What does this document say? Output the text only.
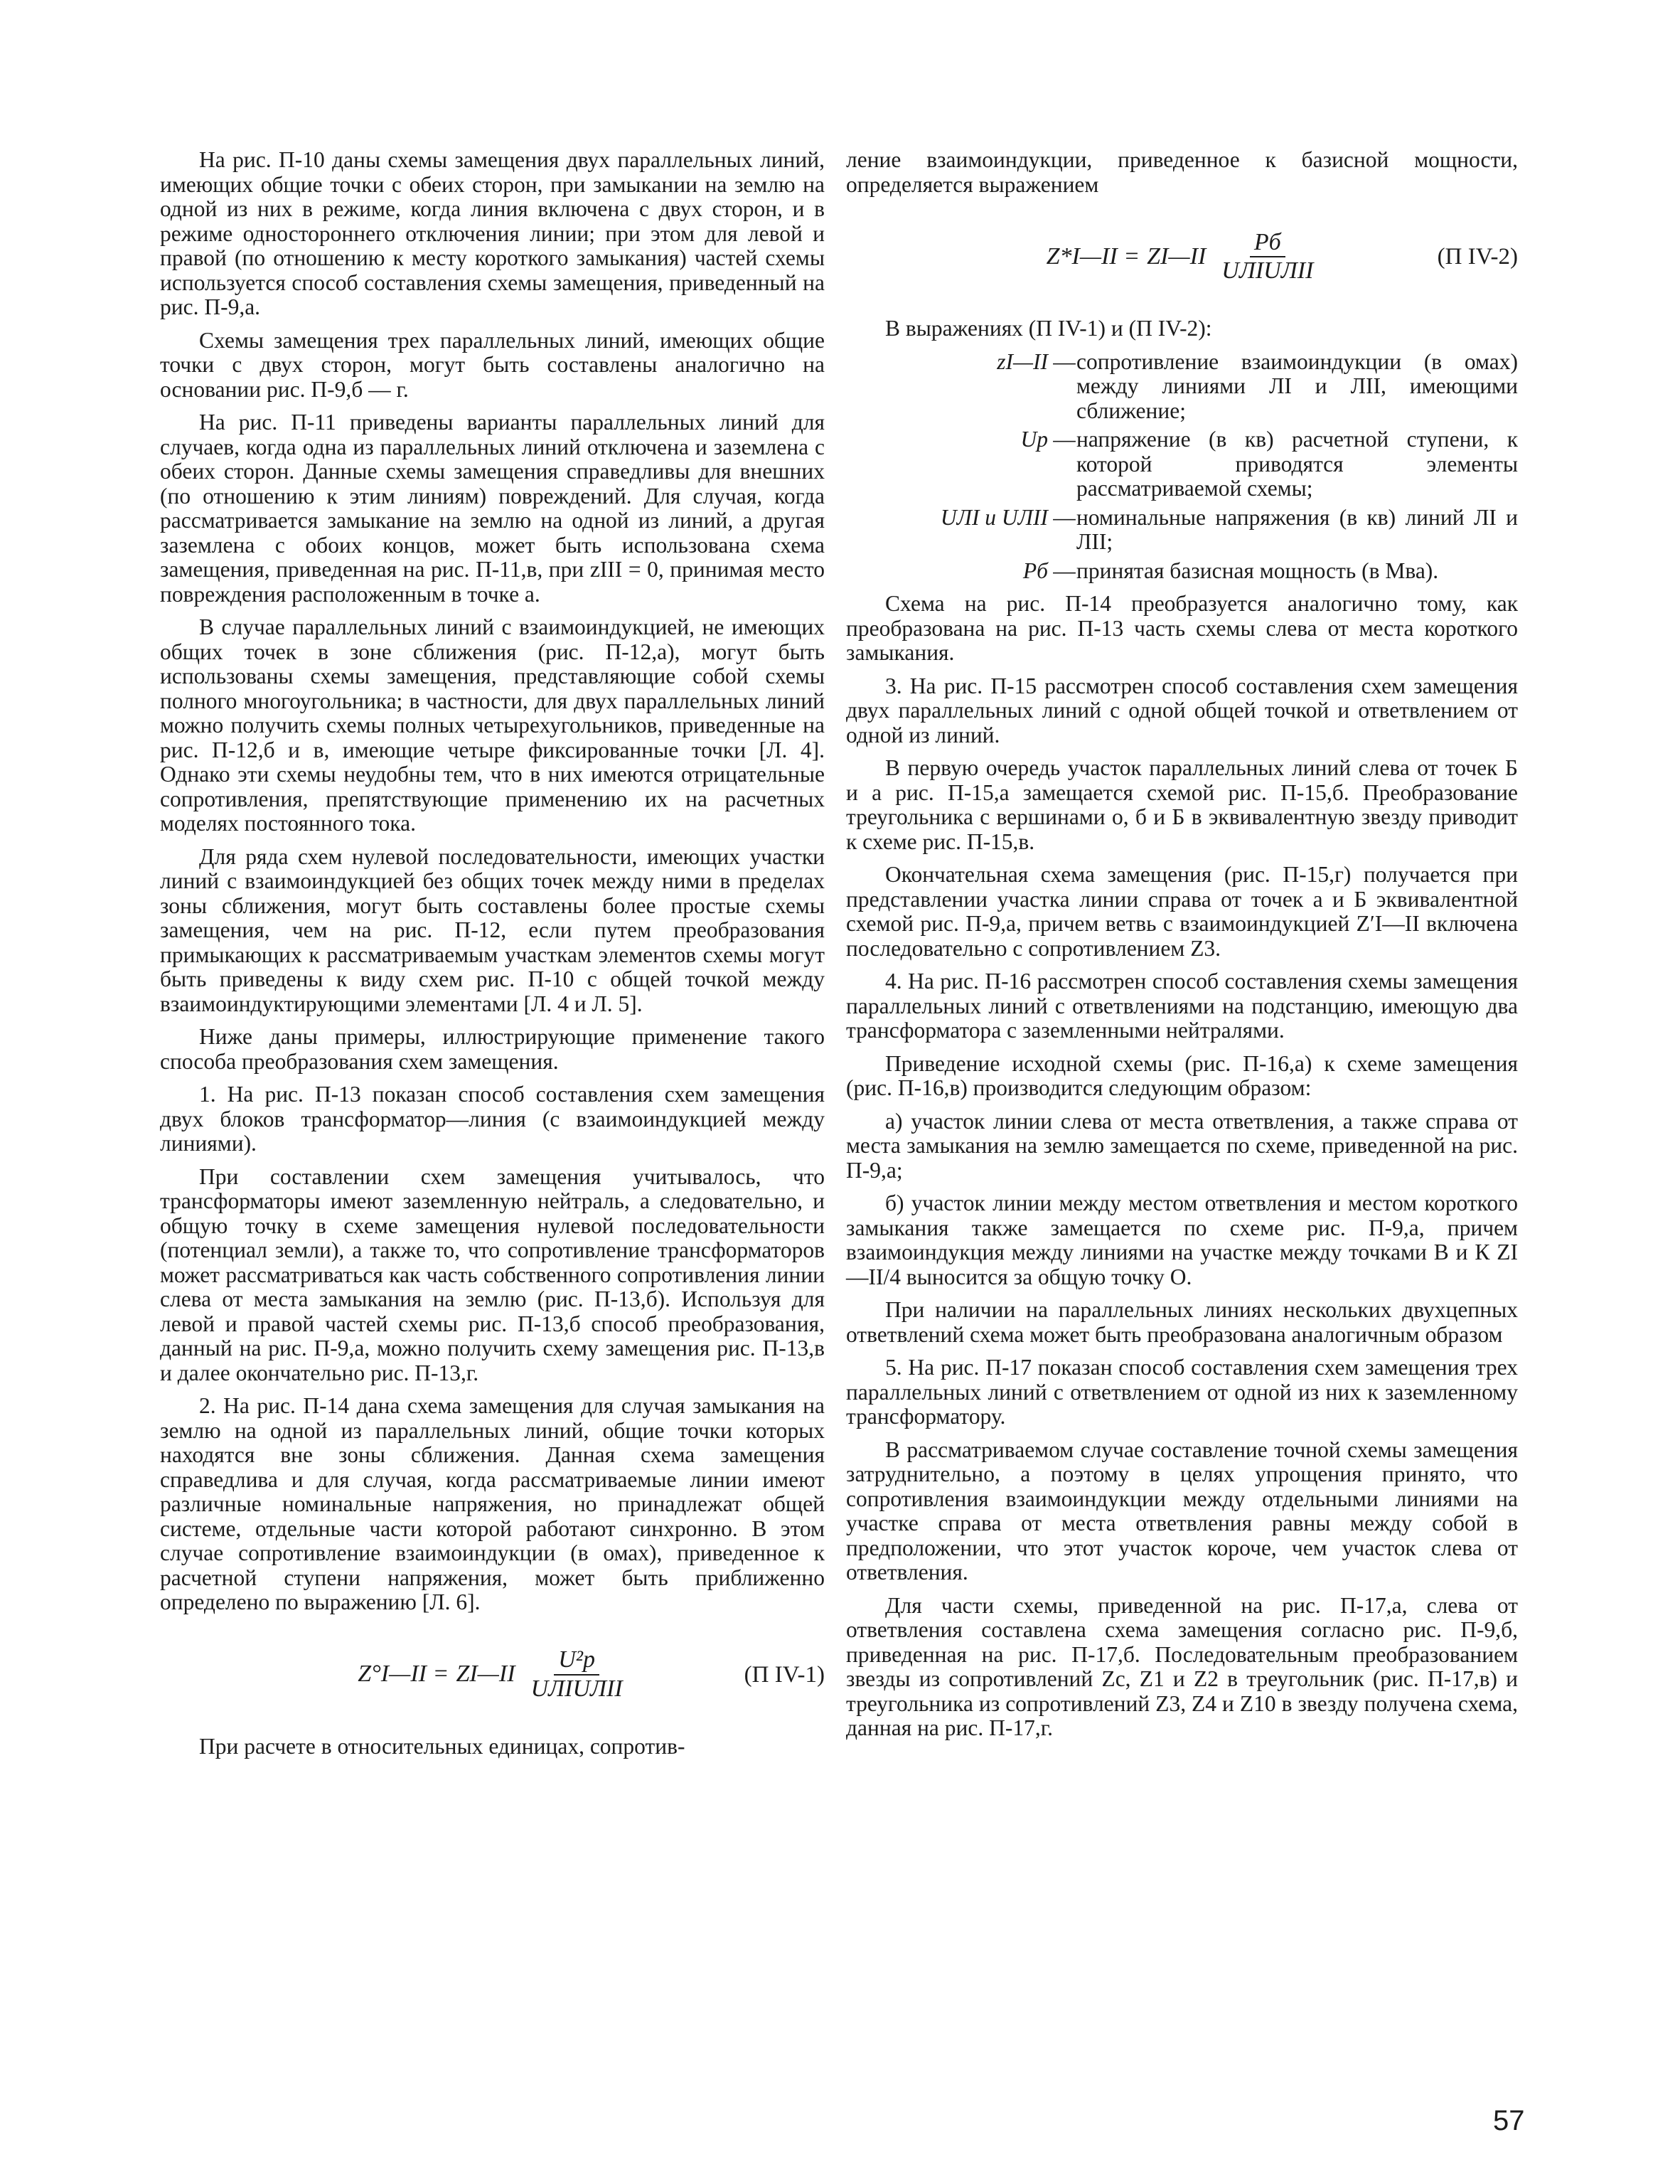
На рис. П-10 даны схемы замещения двух параллельных линий, имеющих общие точки с обеих сторон, при замыкании на землю на одной из них в режиме, когда линия включена с двух сторон, и в режиме одностороннего отключения линии; при этом для левой и правой (по отношению к месту короткого замыкания) частей схемы используется способ составления схемы замещения, приведенный на рис. П-9,а.

Схемы замещения трех параллельных линий, имеющих общие точки с двух сторон, могут быть составлены аналогично на основании рис. П-9,б — г.

На рис. П-11 приведены варианты параллельных линий для случаев, когда одна из параллельных линий отключена и заземлена с обеих сторон. Данные схемы замещения справедливы для внешних (по отношению к этим линиям) повреждений. Для случая, когда рассматривается замыкание на землю на одной из линий, а другая заземлена с обоих концов, может быть использована схема замещения, приведенная на рис. П-11,в, при zIII = 0, принимая место повреждения расположенным в точке а.

В случае параллельных линий с взаимоиндукцией, не имеющих общих точек в зоне сближения (рис. П-12,а), могут быть использованы схемы замещения, представляющие собой схемы полного многоугольника; в частности, для двух параллельных линий можно получить схемы полных четырехугольников, приведенные на рис. П-12,б и в, имеющие четыре фиксированные точки [Л. 4]. Однако эти схемы неудобны тем, что в них имеются отрицательные сопротивления, препятствующие применению их на расчетных моделях постоянного тока.

Для ряда схем нулевой последовательности, имеющих участки линий с взаимоиндукцией без общих точек между ними в пределах зоны сближения, могут быть составлены более простые схемы замещения, чем на рис. П-12, если путем преобразования примыкающих к рассматриваемым участкам элементов схемы могут быть приведены к виду схем рис. П-10 с общей точкой между взаимоиндуктирующими элементами [Л. 4 и Л. 5].

Ниже даны примеры, иллюстрирующие применение такого способа преобразования схем замещения.

1. На рис. П-13 показан способ составления схем замещения двух блоков трансформатор—линия (с взаимоиндукцией между линиями).

При составлении схем замещения учитывалось, что трансформаторы имеют заземленную нейтраль, а следовательно, и общую точку в схеме замещения нулевой последовательности (потенциал земли), а также то, что сопротивление трансформаторов может рассматриваться как часть собственного сопротивления линии слева от места замыкания на землю (рис. П-13,б). Используя для левой и правой частей схемы рис. П-13,б способ преобразования, данный на рис. П-9,а, можно получить схему замещения рис. П-13,в и далее окончательно рис. П-13,г.

2. На рис. П-14 дана схема замещения для случая замыкания на землю на одной из параллельных линий, общие точки которых находятся вне зоны сближения. Данная схема замещения справедлива и для случая, когда рассматриваемые линии имеют различные номинальные напряжения, но принадлежат общей системе, отдельные части которой работают синхронно. В этом случае сопротивление взаимоиндукции (в омах), приведенное к расчетной ступени напряжения, может быть приближенно определено по выражению [Л. 6].

Z°I—II = ZI—II $\frac{\text{U²р}}{\text{UЛIUЛII}}$	(П IV-1)

При расчете в относительных единицах, сопротив-

ление взаимоиндукции, приведенное к базисной мощности, определяется выражением

Z*I—II = ZI—II $\frac{Pб}{\text{UЛIUЛII}}$	(П IV-2)

В выражениях (П IV-1) и (П IV-2):

zI—II — сопротивление взаимоиндукции (в омах) между линиями ЛI и ЛII, имеющими сближение;
Uр — напряжение (в кв) расчетной ступени, к которой приводятся элементы рассматриваемой схемы;
UЛI и UЛII — номинальные напряжения (в кв) линий ЛI и ЛII;
Pб — принятая базисная мощность (в Мва).

Схема на рис. П-14 преобразуется аналогично тому, как преобразована на рис. П-13 часть схемы слева от места короткого замыкания.

3. На рис. П-15 рассмотрен способ составления схем замещения двух параллельных линий с одной общей точкой и ответвлением от одной из линий.

В первую очередь участок параллельных линий слева от точек Б и а рис. П-15,а замещается схемой рис. П-15,б. Преобразование треугольника с вершинами о, б и Б в эквивалентную звезду приводит к схеме рис. П-15,в.

Окончательная схема замещения (рис. П-15,г) получается при представлении участка линии справа от точек а и Б эквивалентной схемой рис. П-9,а, причем ветвь с взаимоиндукцией Z′I—II включена последовательно с сопротивлением Z3.

4. На рис. П-16 рассмотрен способ составления схемы замещения параллельных линий с ответвлениями на подстанцию, имеющую два трансформатора с заземленными нейтралями.

Приведение исходной схемы (рис. П-16,а) к схеме замещения (рис. П-16,в) производится следующим образом:

а) участок линии слева от места ответвления, а также справа от места замыкания на землю замещается по схеме, приведенной на рис. П-9,а;

б) участок линии между местом ответвления и местом короткого замыкания также замещается по схеме рис. П-9,а, причем взаимоиндукция между линиями на участке между точками В и К ZI—II/4 выносится за общую точку О.

При наличии на параллельных линиях нескольких двухцепных ответвлений схема может быть преобразована аналогичным образом

5. На рис. П-17 показан способ составления схем замещения трех параллельных линий с ответвлением от одной из них к заземленному трансформатору.

В рассматриваемом случае составление точной схемы замещения затруднительно, а поэтому в целях упрощения принято, что сопротивления взаимоиндукции между отдельными линиями на участке справа от места ответвления равны между собой в предположении, что этот участок короче, чем участок слева от ответвления.

Для части схемы, приведенной на рис. П-17,а, слева от ответвления составлена схема замещения согласно рис. П-9,б, приведенная на рис. П-17,б. Последовательным преобразованием звезды из сопротивлений Zc, Z1 и Z2 в треугольник (рис. П-17,в) и треугольника из сопротивлений Z3, Z4 и Z10 в звезду получена схема, данная на рис. П-17,г.

57
